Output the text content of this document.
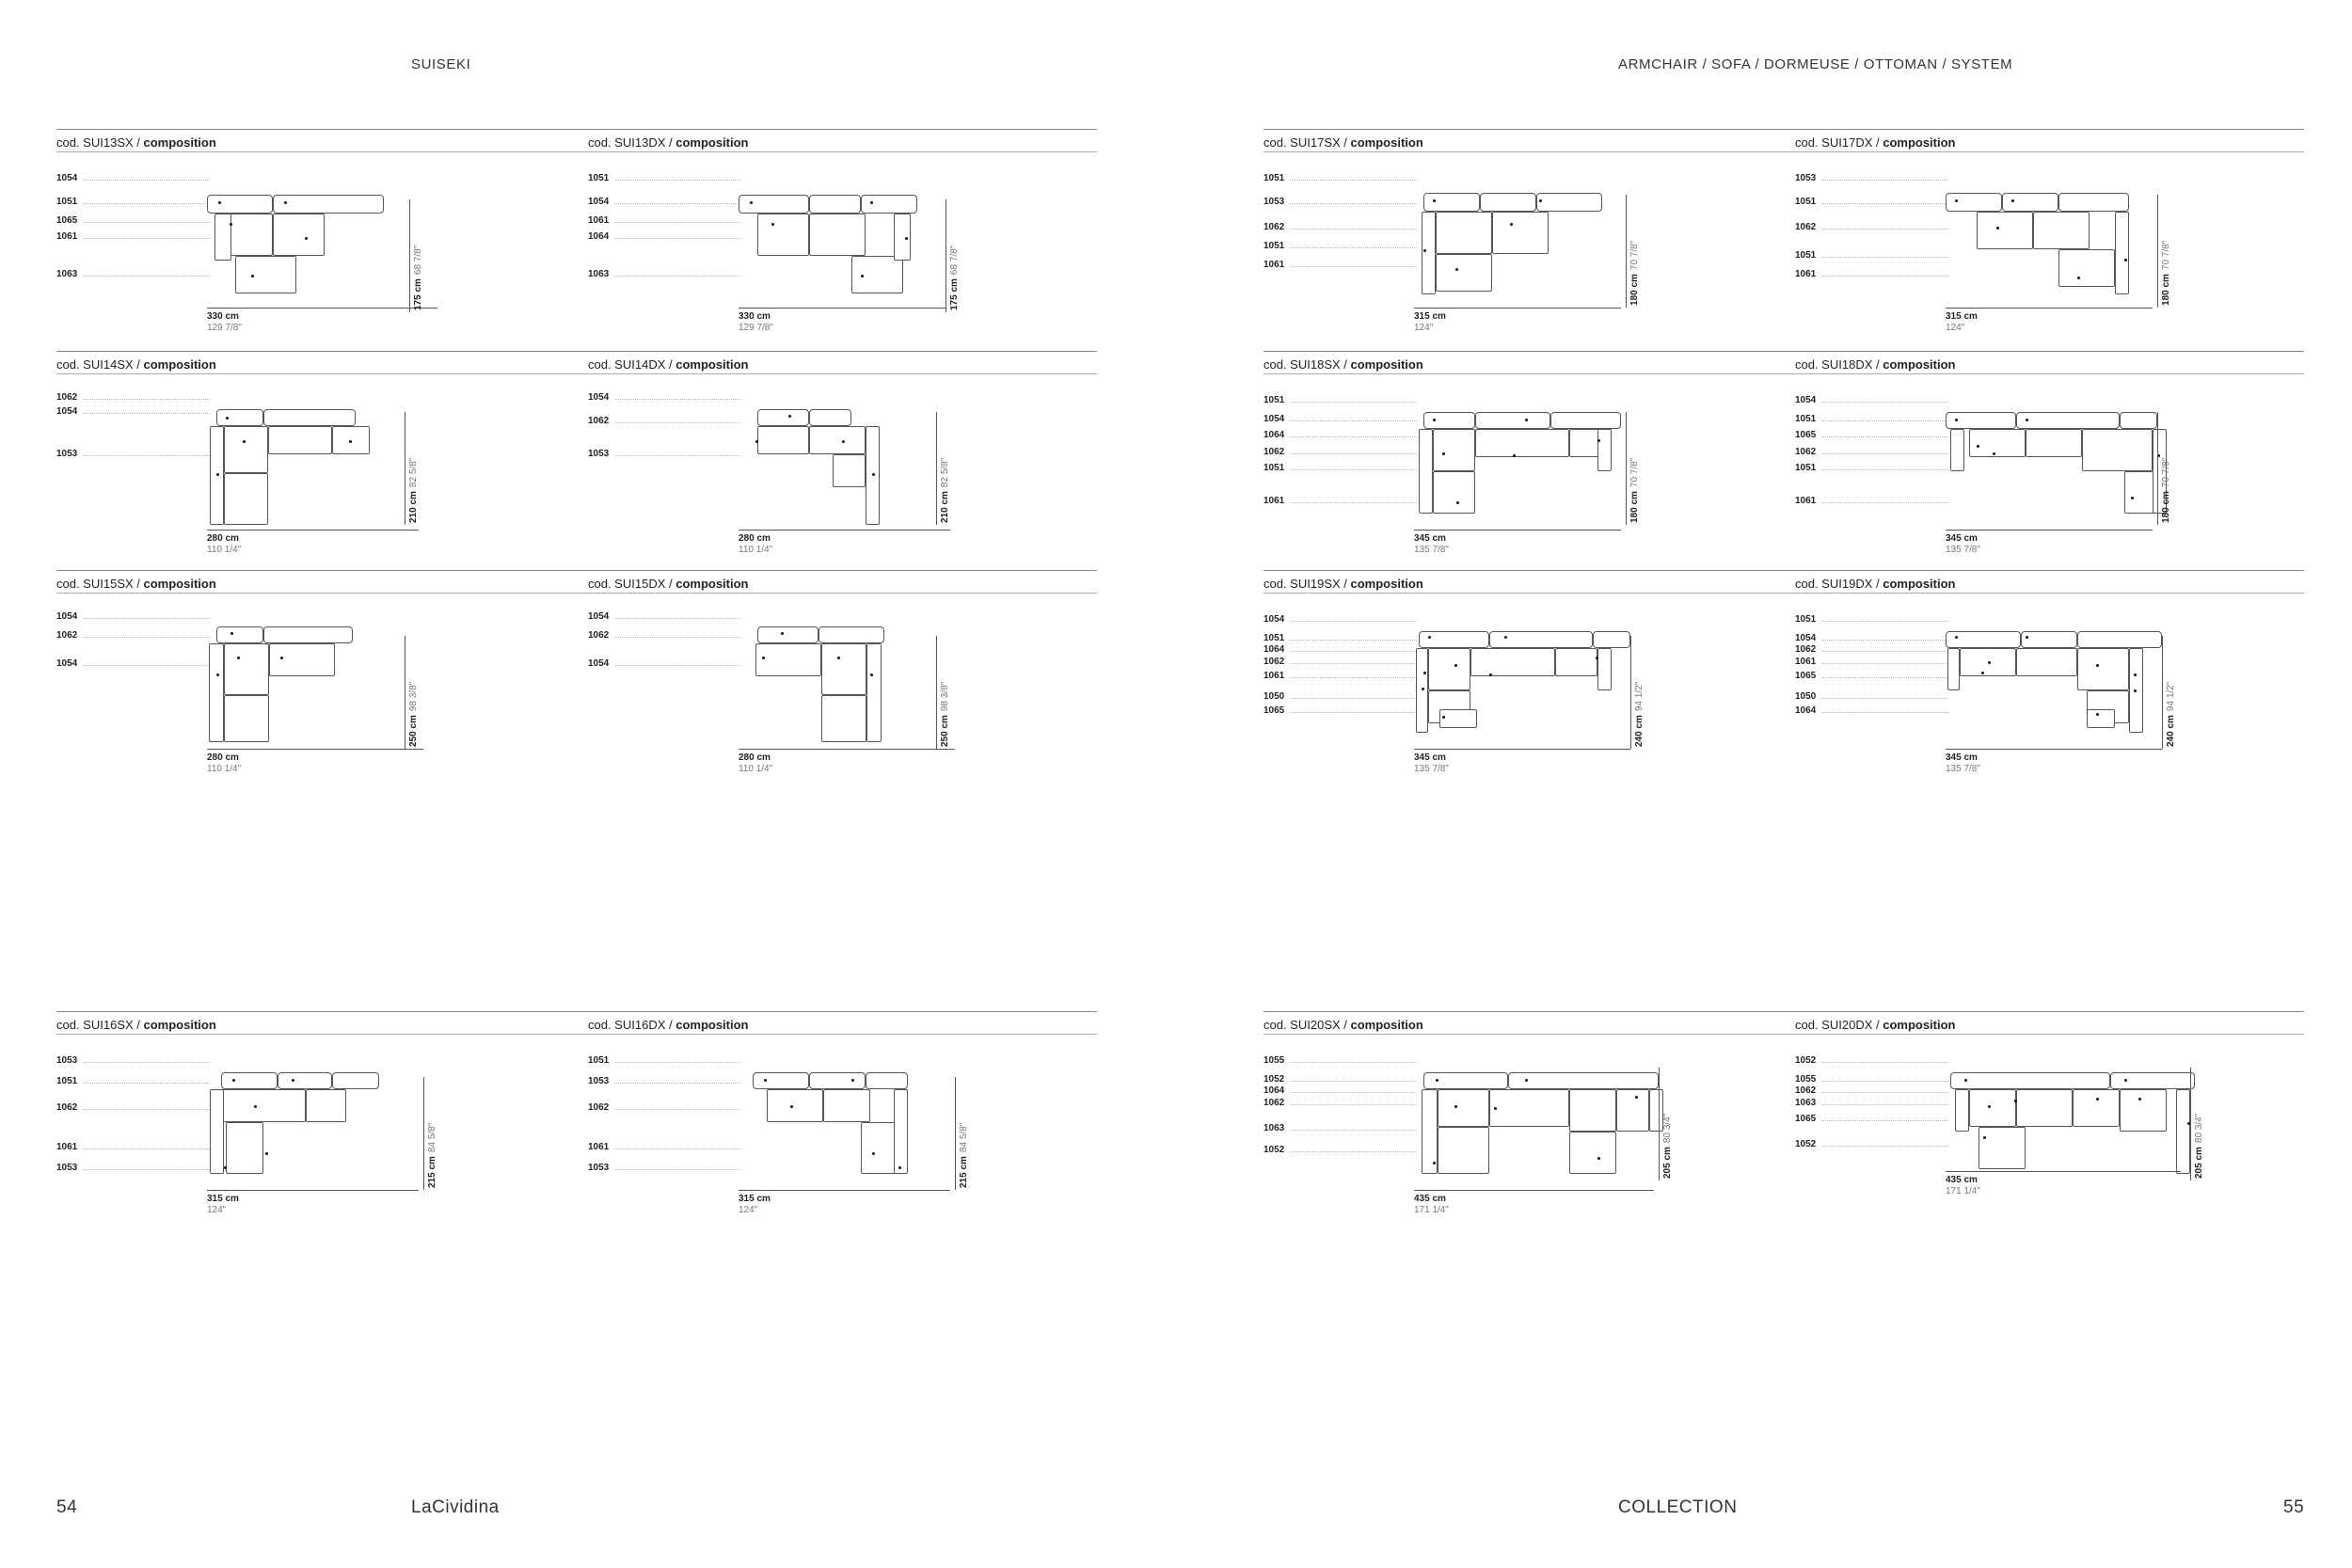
SUISEKI	ARMCHAIR / SOFA / DORMEUSE / OTTOMAN / SYSTEM
54	LaCividina	COLLECTION	55
cod. SUI13SX / composition
1054
1051
1065
1061
1063
330 cm
129 7/8"
175 cm68 7/8"
cod. SUI13DX / composition
1051
1054
1061
1064
1063
330 cm
129 7/8"
175 cm68 7/8"
cod. SUI17SX / composition
1051
1053
1062
1051
1061
315 cm
124"
180 cm70 7/8"
cod. SUI17DX / composition
1053
1051
1062
1051
1061
315 cm
124"
180 cm70 7/8"
cod. SUI14SX / composition
1062
1054
1053
280 cm
110 1/4"
210 cm82 5/8"
cod. SUI14DX / composition
1054
1062
1053
280 cm
110 1/4"
210 cm82 5/8"
cod. SUI18SX / composition
1051
1054
1064
1062
1051
1061
345 cm
135 7/8"
180 cm70 7/8"
cod. SUI18DX / composition
1054
1051
1065
1062
1051
1061
345 cm
135 7/8"
180 cm70 7/8"
cod. SUI15SX / composition
1054
1062
1054
280 cm
110 1/4"
250 cm98 3/8"
cod. SUI15DX / composition
1054
1062
1054
280 cm
110 1/4"
250 cm98 3/8"
cod. SUI19SX / composition
1054
1051
1064
1062
1061
1050
1065
345 cm
135 7/8"
240 cm94 1/2"
cod. SUI19DX / composition
1051
1054
1062
1061
1065
1050
1064
345 cm
135 7/8"
240 cm94 1/2"
cod. SUI16SX / composition
1053
1051
1062
1061
1053
315 cm
124"
215 cm84 5/8"
cod. SUI16DX / composition
1051
1053
1062
1061
1053
315 cm
124"
215 cm84 5/8"
cod. SUI20SX / composition
1055
1052
1064
1062
1063
1052
435 cm
171 1/4"
205 cm80 3/4"
cod. SUI20DX / composition
1052
1055
1062
1063
1065
1052
435 cm
171 1/4"
205 cm80 3/4"
